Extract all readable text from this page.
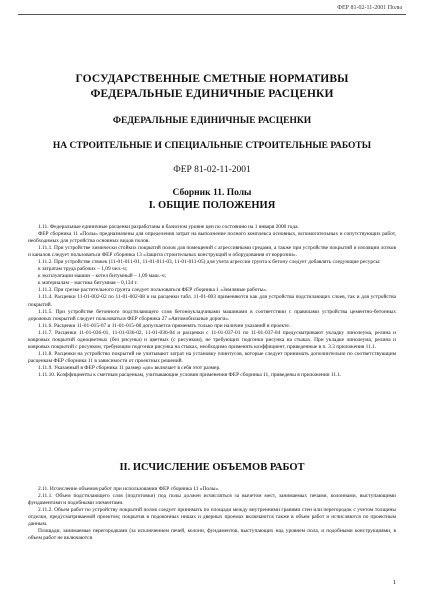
ФЕР 81-02-11-2001 Полы
ГОСУДАРСТВЕННЫЕ СМЕТНЫЕ НОРМАТИВЫ
ФЕДЕРАЛЬНЫЕ ЕДИНИЧНЫЕ РАСЦЕНКИ
ФЕДЕРАЛЬНЫЕ ЕДИНИЧНЫЕ РАСЦЕНКИ
НА СТРОИТЕЛЬНЫЕ И СПЕЦИАЛЬНЫЕ СТРОИТЕЛЬНЫЕ РАБОТЫ
ФЕР 81-02-11-2001
Сборник 11. Полы
I. ОБЩИЕ ПОЛОЖЕНИЯ

1.11. Федеральные единичные расценки разработаны в базисном уровне цен по состоянию на 1 января 2000 года.

ФЕР сборника 11 «Полы» предназначены для определения затрат на выполнение полного комплекса основных, вспомогательных и сопутствующих работ, необходимых для устройства основных видов полов.

1.11.1. При устройстве химически стойких покрытий полов для помещений с агрессивными средами, а также при устройстве покрытий и изоляции лотков и каналов следует пользоваться ФЕР сборника 13 «Защита строительных конструкций и оборудования от коррозии».

1.11.2. При устройстве стяжек (11-01-011-01, 11-01-011-03, 11-01-011-05) для учета агрессии грунта к бетону следует добавлять следующие ресурсы:

к затратам труда рабочих – 1,09 чел.-ч;

к эксплуатации машин – котел битумный – 1,09 маш.-ч;

к материалам – мастика битумная – 0,134 т.

1.11.3. При срезке растительного грунта следует пользоваться ФЕР сборника 1 «Земляные работы».

1.11.4. Расценки 11-01-002-02 по 11-01-002-08 и на расценки табл. 11-01-003 применяются как для устройства подстилающих слоев, так и для устройства покрытий.

1.11.5. При устройстве бетонного подстилающего слоя бетоноукладчиками машинами в соответствии с правилами устройства цементно-бетонных дорожных покрытий следует пользоваться ФЕР сборника 27 «Автомобильные дороги».

1.11.6. Расценки 11-01-015-07 и 11-01-015-08 допускается применять только при наличии указаний в проекте.

1.11.7. Расценки 11-01-036-01, 11-01-036-02, 11-01-036-04 и расценки с 11-01-037-01 по 11-01-037-04 предусматривают укладку линолеума, релина и ковровых покрытий одноцветных (без рисунка) и цветных (с рисунком), не требующих подгонки рисунка на стыках. При укладке линолеума, релина и ковровых покрытий с рисунком, требующим подгонки рисунка на стыках, необходимо применять коэффициент, приведенные в п. 3.3 приложения 11.1.

1.11.8. Расценки на устройство покрытий не учитывают затрат на установку плинтусов, которые следует принимать дополнительно по соответствующим расценкам ФЕР сборника 11 в зависимости от проектных решений.

1.11.9. Указанный в ФЕР сборника 11 размер «до» включает в себя этот размер.

1.11.10. Коэффициенты к сметным расценкам, учитывающие условия применения ФЕР сборника 11, приведены в приложении 11.1.

II. ИСЧИСЛЕНИЕ ОБЪЕМОВ РАБОТ

2.11. Исчисление объемов работ при использовании ФЕР сборника 11 «Полы».

2.11.1. Объем подстилающего слоя (подготовки) под полы должен исчисляться за вычетом мест, занимаемых печами, колоннами, выступающими фундаментами и подобными элементами.

2.11.2. Объем работ по устройству покрытий полов следует принимать по площади между внутренними гранями стен или перегородок с учетом толщины отделки, предусматриваемой проектом; покрытия в подоконных нишах и дверных проемах включаются также в объем работ и исчисляются по проектным данным.

Площади, занимаемые перегородками (за исключением печей, колонн, фундаментов, выступающих над уровнем пола, и подобными конструкциями, в объем работ не включаются

1
